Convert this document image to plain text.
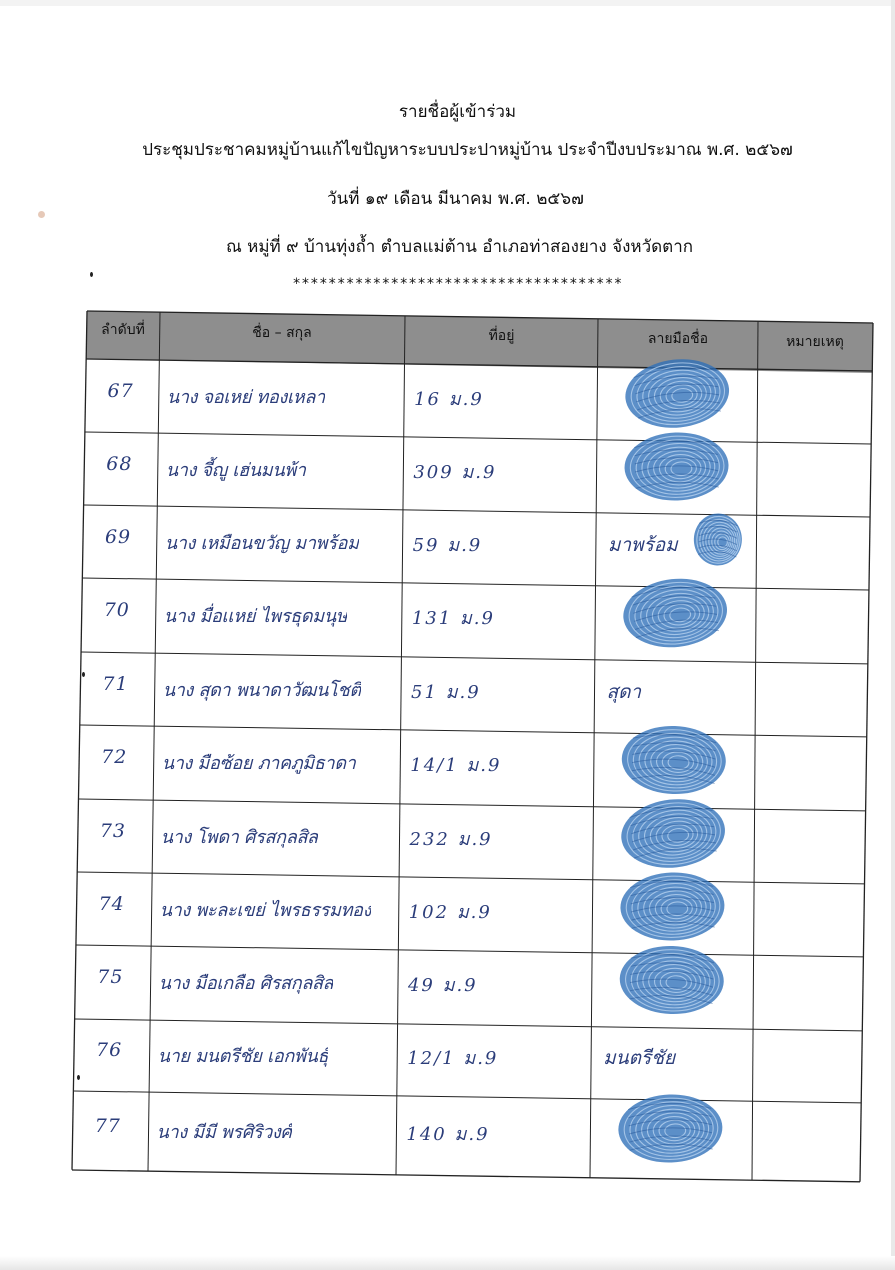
รายชื่อผู้เข้าร่วม
ประชุมประชาคมหมู่บ้านแก้ไขปัญหาระบบประปาหมู่บ้าน ประจำปีงบประมาณ พ.ศ. ๒๕๖๗
วันที่ ๑๙ เดือน มีนาคม พ.ศ. ๒๕๖๗
ณ หมู่ที่ ๙ บ้านทุ่งถ้ำ ตำบลแม่ต้าน อำเภอท่าสองยาง จังหวัดตาก
*************************************
ลำดับที่	ชื่อ – สกุล	ที่อยู่	ลายมือชื่อ	หมายเหตุ
67 นาง จอเหย่ ทองเหลา	16 ม.9
68 นาง จี้ญู เฮ่นมนพ้า	309 ม.9
69 นาง เหมือนขวัญ มาพร้อม	59 ม.9	มาพร้อม
70 นาง มื่อเเหย่ ไพรธุดมนุษ	131 ม.9
71 นาง สุดา พนาดาวัฒนโชติ	51 ม.9	สุดา
72 นาง มือซ้อย ภาคภูมิธาดา	14/1 ม.9
73 นาง โพดา ศิรสกุลสิส	232 ม.9
74 นาง พะละเขย่ ไพรธรรมทอง 102 ม.9
75 นาง มือเกลือ ศิรสกุลสิส	49 ม.9
76 นาย มนตรีชัย เอกพันธุ์	12/1 ม.9	มนตรีชัย
77 นาง มีมี พรศิริวงศ์	140 ม.9
